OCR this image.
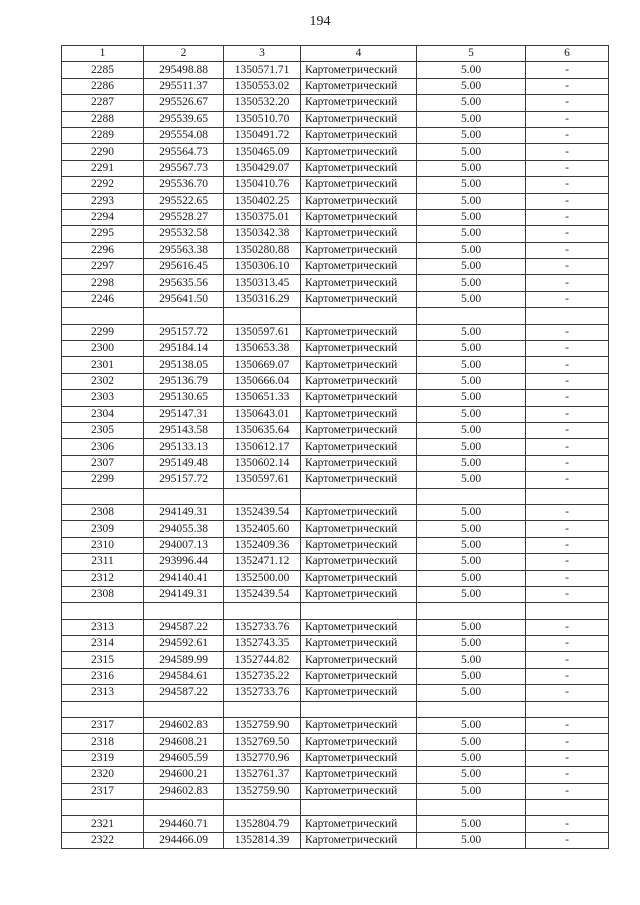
194
1	2	3	4	5	6
2285	295498.88	1350571.71	Картометрический	5.00	-
2286	295511.37	1350553.02	Картометрический	5.00	-
2287	295526.67	1350532.20	Картометрический	5.00	-
2288	295539.65	1350510.70	Картометрический	5.00	-
2289	295554.08	1350491.72	Картометрический	5.00	-
2290	295564.73	1350465.09	Картометрический	5.00	-
2291	295567.73	1350429.07	Картометрический	5.00	-
2292	295536.70	1350410.76	Картометрический	5.00	-
2293	295522.65	1350402.25	Картометрический	5.00	-
2294	295528.27	1350375.01	Картометрический	5.00	-
2295	295532.58	1350342.38	Картометрический	5.00	-
2296	295563.38	1350280.88	Картометрический	5.00	-
2297	295616.45	1350306.10	Картометрический	5.00	-
2298	295635.56	1350313.45	Картометрический	5.00	-
2246	295641.50	1350316.29	Картометрический	5.00	-

2299	295157.72	1350597.61	Картометрический	5.00	-
2300	295184.14	1350653.38	Картометрический	5.00	-
2301	295138.05	1350669.07	Картометрический	5.00	-
2302	295136.79	1350666.04	Картометрический	5.00	-
2303	295130.65	1350651.33	Картометрический	5.00	-
2304	295147.31	1350643.01	Картометрический	5.00	-
2305	295143.58	1350635.64	Картометрический	5.00	-
2306	295133.13	1350612.17	Картометрический	5.00	-
2307	295149.48	1350602.14	Картометрический	5.00	-
2299	295157.72	1350597.61	Картометрический	5.00	-

2308	294149.31	1352439.54	Картометрический	5.00	-
2309	294055.38	1352405.60	Картометрический	5.00	-
2310	294007.13	1352409.36	Картометрический	5.00	-
2311	293996.44	1352471.12	Картометрический	5.00	-
2312	294140.41	1352500.00	Картометрический	5.00	-
2308	294149.31	1352439.54	Картометрический	5.00	-

2313	294587.22	1352733.76	Картометрический	5.00	-
2314	294592.61	1352743.35	Картометрический	5.00	-
2315	294589.99	1352744.82	Картометрический	5.00	-
2316	294584.61	1352735.22	Картометрический	5.00	-
2313	294587.22	1352733.76	Картометрический	5.00	-

2317	294602.83	1352759.90	Картометрический	5.00	-
2318	294608.21	1352769.50	Картометрический	5.00	-
2319	294605.59	1352770.96	Картометрический	5.00	-
2320	294600.21	1352761.37	Картометрический	5.00	-
2317	294602.83	1352759.90	Картометрический	5.00	-

2321	294460.71	1352804.79	Картометрический	5.00	-
2322	294466.09	1352814.39	Картометрический	5.00	-
